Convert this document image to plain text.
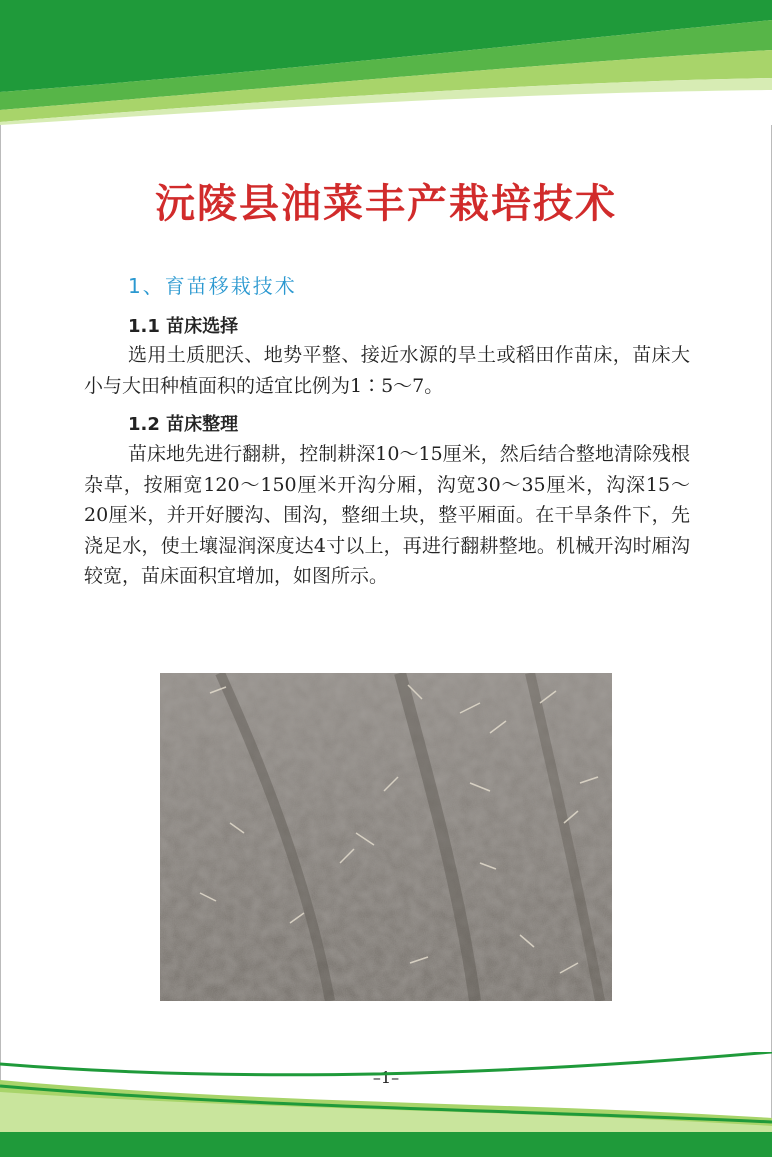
沅陵县油菜丰产栽培技术
1、育苗移栽技术
1.1 苗床选择
选用土质肥沃、地势平整、接近水源的旱土或稻田作苗床，苗床大小与大田种植面积的适宜比例为1∶5～7。
1.2 苗床整理
苗床地先进行翻耕，控制耕深10～15厘米，然后结合整地清除残根杂草，按厢宽120～150厘米开沟分厢，沟宽30～35厘米，沟深15～20厘米，并开好腰沟、围沟，整细土块，整平厢面。在干旱条件下，先浇足水，使土壤湿润深度达4寸以上，再进行翻耕整地。机械开沟时厢沟较宽，苗床面积宜增加，如图所示。
–1–
